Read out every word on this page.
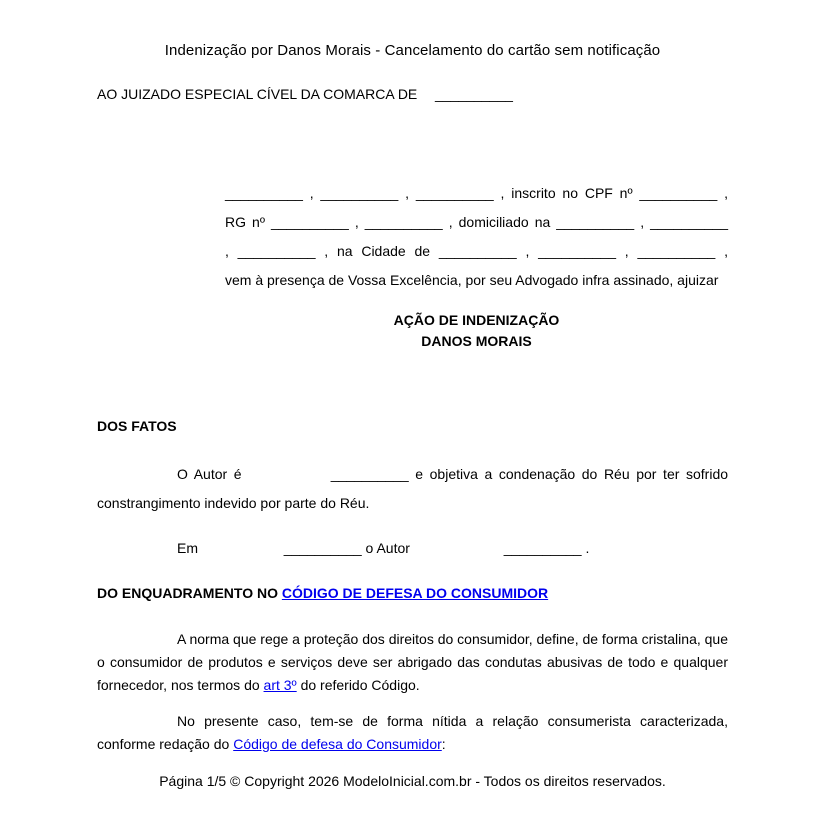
Indenização por Danos Morais - Cancelamento do cartão sem notificação
AO JUIZADO ESPECIAL CÍVEL DA COMARCA DE __________
__________ , __________ , __________ , inscrito no CPF nº __________ ,
RG nº __________ , __________ , domiciliado na __________ , __________
, __________ , na Cidade de __________ , __________ , __________ ,
vem à presença de Vossa Excelência, por seu Advogado infra assinado, ajuizar
AÇÃO DE INDENIZAÇÃO
DANOS MORAIS
DOS FATOS

O Autor é	__________ e objetiva a condenação do Réu por ter sofrido constrangimento indevido por parte do Réu.

Em	__________ o Autor	__________ .

DO ENQUADRAMENTO NO CÓDIGO DE DEFESA DO CONSUMIDOR

A norma que rege a proteção dos direitos do consumidor, define, de forma cristalina, que o consumidor de produtos e serviços deve ser abrigado das condutas abusivas de todo e qualquer fornecedor, nos termos do art 3º do referido Código.

No presente caso, tem-se de forma nítida a relação consumerista caracterizada, conforme redação do Código de defesa do Consumidor:

Página 1/5 © Copyright 2026 ModeloInicial.com.br - Todos os direitos reservados.
